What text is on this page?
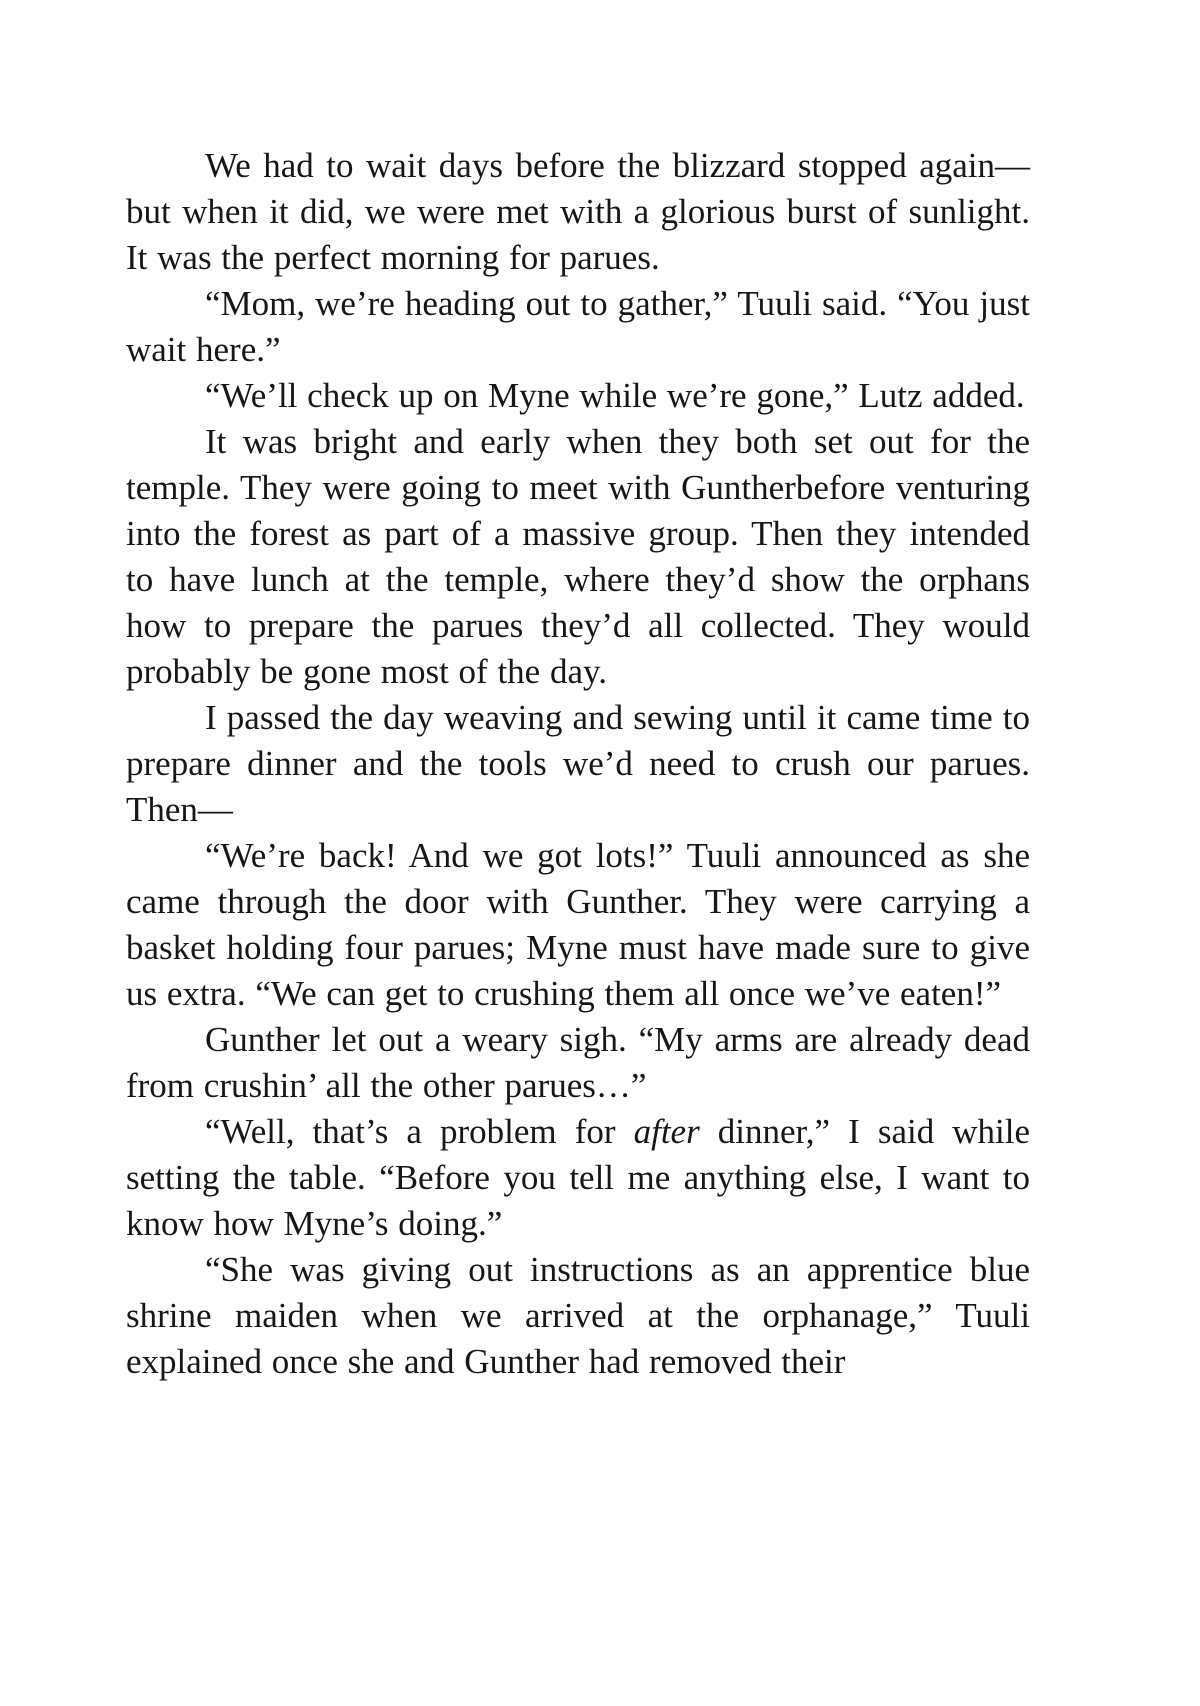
We had to wait days before the blizzard stopped again—but when it did, we were met with a glorious burst of sunlight. It was the perfect morning for parues.

“Mom, we’re heading out to gather,” Tuuli said. “You just wait here.”

“We’ll check up on Myne while we’re gone,” Lutz added.

It was bright and early when they both set out for the temple. They were going to meet with Guntherbefore venturing into the forest as part of a massive group. Then they intended to have lunch at the temple, where they’d show the orphans how to prepare the parues they’d all collected. They would probably be gone most of the day.

I passed the day weaving and sewing until it came time to prepare dinner and the tools we’d need to crush our parues. Then—

“We’re back! And we got lots!” Tuuli announced as she came through the door with Gunther. They were carrying a basket holding four parues; Myne must have made sure to give us extra. “We can get to crushing them all once we’ve eaten!”

Gunther let out a weary sigh. “My arms are already dead from crushin’ all the other parues…”

“Well, that’s a problem for after dinner,” I said while setting the table. “Before you tell me anything else, I want to know how Myne’s doing.”

“She was giving out instructions as an apprentice blue shrine maiden when we arrived at the orphanage,” Tuuli explained once she and Gunther had removed their
